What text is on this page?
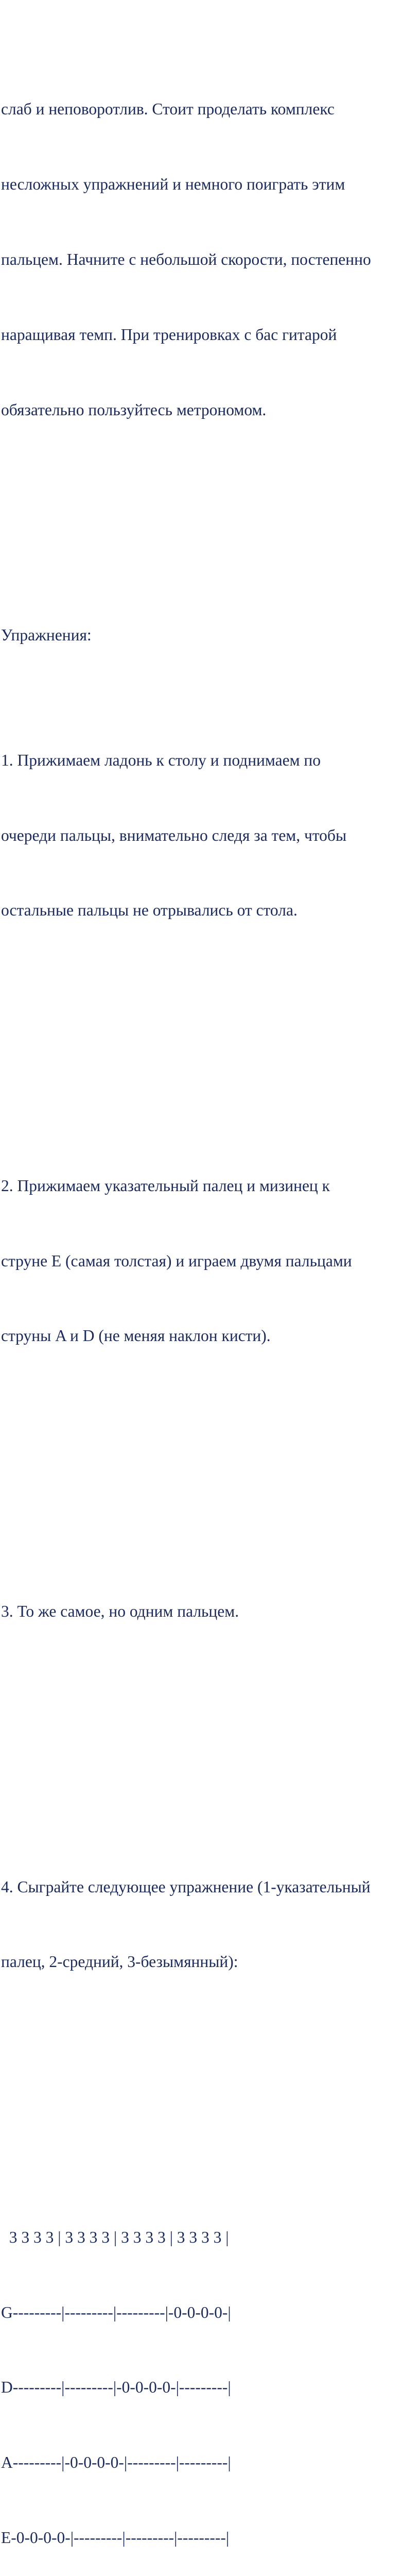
слаб и неповоротлив. Стоит проделать комплекс

несложных упражнений и немного поиграть этим

пальцем. Начните с небольшой скорости, постепенно

наращивая темп. При тренировках с бас гитарой

обязательно пользуйтесь метрономом.

Упражнения:

1. Прижимаем ладонь к столу и поднимаем по

очереди пальцы, внимательно следя за тем, чтобы

остальные пальцы не отрывались от стола.

2. Прижимаем указательный палец и мизинец к

струне E (самая толстая) и играем двумя пальцами

струны A и D (не меняя наклон кисти).

3. То же самое, но одним пальцем.

4. Сыграйте следующее упражнение (1-указательный

палец, 2-средний, 3-безымянный):

3 3 3 3 | 3 3 3 3 | 3 3 3 3 | 3 3 3 3 |

G---------|---------|---------|-0-0-0-0-|

D---------|---------|-0-0-0-0-|---------|

A---------|-0-0-0-0-|---------|---------|

E-0-0-0-0-|---------|---------|---------|
